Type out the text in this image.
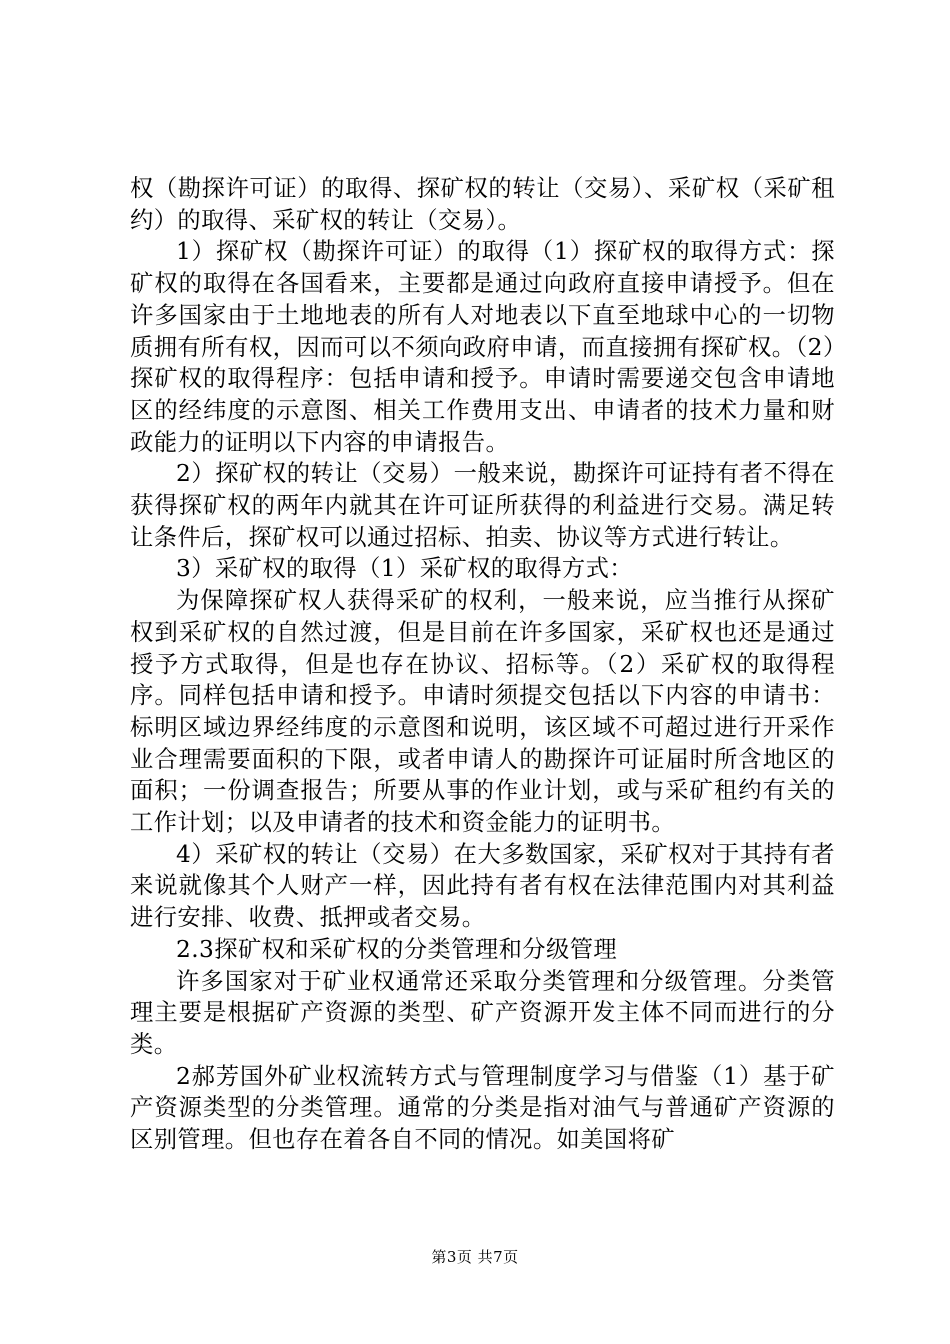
权（勘探许可证）的取得、探矿权的转让（交易）、采矿权（采矿租约）的取得、采矿权的转让（交易）。

1）探矿权（勘探许可证）的取得（1）探矿权的取得方式：探矿权的取得在各国看来，主要都是通过向政府直接申请授予。但在许多国家由于土地地表的所有人对地表以下直至地球中心的一切物质拥有所有权，因而可以不须向政府申请，而直接拥有探矿权。（2）探矿权的取得程序：包括申请和授予。申请时需要递交包含申请地区的经纬度的示意图、相关工作费用支出、申请者的技术力量和财政能力的证明以下内容的申请报告。

2）探矿权的转让（交易）一般来说，勘探许可证持有者不得在获得探矿权的两年内就其在许可证所获得的利益进行交易。满足转让条件后，探矿权可以通过招标、拍卖、协议等方式进行转让。

3）采矿权的取得（1）采矿权的取得方式：

为保障探矿权人获得采矿的权利，一般来说，应当推行从探矿权到采矿权的自然过渡，但是目前在许多国家，采矿权也还是通过授予方式取得，但是也存在协议、招标等。（2）采矿权的取得程序。同样包括申请和授予。申请时须提交包括以下内容的申请书：标明区域边界经纬度的示意图和说明，该区域不可超过进行开采作业合理需要面积的下限，或者申请人的勘探许可证届时所含地区的面积；一份调查报告；所要从事的作业计划，或与采矿租约有关的工作计划；以及申请者的技术和资金能力的证明书。

4）采矿权的转让（交易）在大多数国家，采矿权对于其持有者来说就像其个人财产一样，因此持有者有权在法律范围内对其利益进行安排、收费、抵押或者交易。

2.3探矿权和采矿权的分类管理和分级管理

许多国家对于矿业权通常还采取分类管理和分级管理。分类管理主要是根据矿产资源的类型、矿产资源开发主体不同而进行的分类。

2郝芳国外矿业权流转方式与管理制度学习与借鉴（1）基于矿产资源类型的分类管理。通常的分类是指对油气与普通矿产资源的区别管理。但也存在着各自不同的情况。如美国将矿

第3页 共7页
